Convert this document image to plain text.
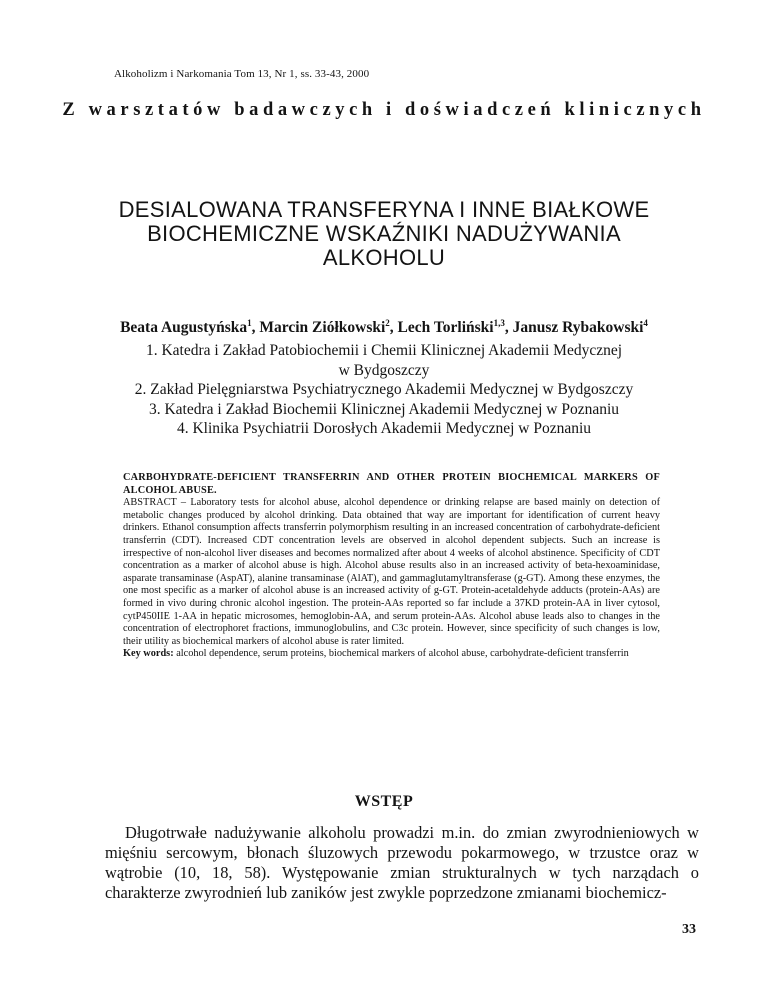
Alkoholizm i Narkomania Tom 13, Nr 1, ss. 33-43, 2000
Z warsztatów badawczych i doświadczeń klinicznych
DESIALOWANA TRANSFERYNA I INNE BIAŁKOWE
BIOCHEMICZNE WSKAŹNIKI NADUŻYWANIA
ALKOHOLU
Beata Augustyńska$^1$, Marcin Ziółkowski$^2$, Lech Torliński$^{1,3}$, Janusz Rybakowski$^4$
1. Katedra i Zakład Patobiochemii i Chemii Klinicznej Akademii Medycznej
w Bydgoszczy
2. Zakład Pielęgniarstwa Psychiatrycznego Akademii Medycznej w Bydgoszczy
3. Katedra i Zakład Biochemii Klinicznej Akademii Medycznej w Poznaniu
4. Klinika Psychiatrii Dorosłych Akademii Medycznej w Poznaniu
CARBOHYDRATE-DEFICIENT TRANSFERRIN AND OTHER PROTEIN BIOCHEMICAL MARKERS OF ALCOHOL ABUSE.
ABSTRACT – Laboratory tests for alcohol abuse, alcohol dependence or drinking relapse are based mainly on detection of metabolic changes produced by alcohol drinking. Data obtained that way are important for identification of current heavy drinkers. Ethanol consumption affects transferrin polymorphism resulting in an increased concentration of carbohydrate-deficient transferrin (CDT). Increased CDT concentration levels are observed in alcohol dependent subjects. Such an increase is irrespective of non-alcohol liver diseases and becomes normalized after about 4 weeks of alcohol abstinence. Specificity of CDT concentration as a marker of alcohol abuse is high. Alcohol abuse results also in an increased activity of beta-hexoaminidase, asparate transaminase (AspAT), alanine transaminase (AlAT), and gammaglutamyltransferase (g-GT). Among these enzymes, the one most specific as a marker of alcohol abuse is an increased activity of g-GT. Protein-acetaldehyde adducts (protein-AAs) are formed in vivo during chronic alcohol ingestion. The protein-AAs reported so far include a 37KD protein-AA in liver cytosol, cytP450IIE 1-AA in hepatic microsomes, hemoglobin-AA, and serum protein-AAs. Alcohol abuse leads also to changes in the concentration of electrophoret fractions, immunoglobulins, and C3c protein. However, since specificity of such changes is low, their utility as biochemical markers of alcohol abuse is rater limited.
Key words: alcohol dependence, serum proteins, biochemical markers of alcohol abuse, carbohydrate-deficient transferrin
WSTĘP
Długotrwałe nadużywanie alkoholu prowadzi m.in. do zmian zwyrodnieniowych w mięśniu sercowym, błonach śluzowych przewodu pokarmowego, w trzustce oraz w wątrobie (10, 18, 58). Występowanie zmian strukturalnych w tych narządach o charakterze zwyrodnień lub zaników jest zwykle poprzedzone zmianami biochemicz-
33
